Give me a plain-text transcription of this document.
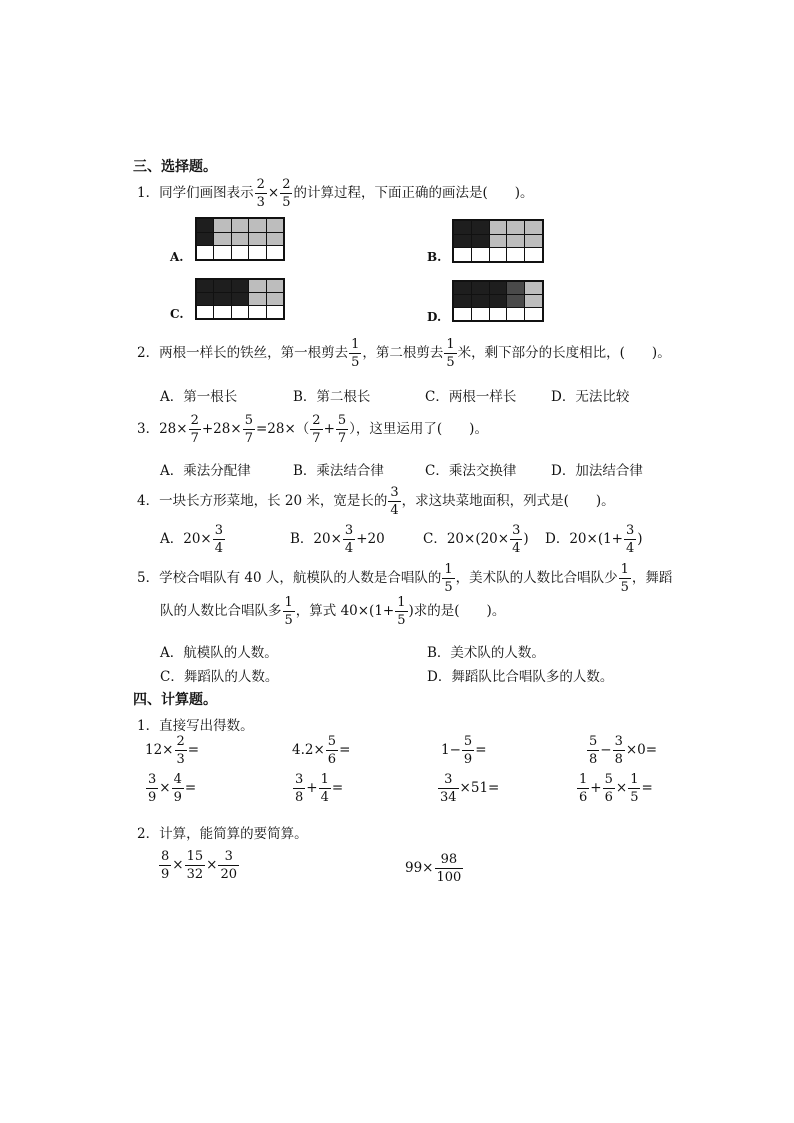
三、选择题。
1．同学们画图表示 $\frac{2}{3} \times \frac{2}{5}$ 的计算过程，下面正确的画法是(　　)。
A.	B.
C.	D.
2．两根一样长的铁丝，第一根剪去 $\frac{1}{5}$ ，第二根剪去 $\frac{1}{5}$ 米，剩下部分的长度相比，(　　)。
A．第一根长	B．第二根长	C．两根一样长	D．无法比较
3．$28\times \frac{2}{7} +28\times \frac{5}{7} =28\times( \frac{2}{7} + \frac{5}{7}$ ），这里运用了(　　)。
A．乘法分配律	B．乘法结合律	C．乘法交换律	D．加法结合律
4．一块长方形菜地，长 20 米，宽是长的 $\frac{3}{4}$ ，求这块菜地面积，列式是(　　)。
A．$20\times \frac{3}{4}$	B．$20\times \frac{3}{4} +20$	C．$20\times(20\times \frac{3}{4}$ ) D．$20\times(1+ \frac{3}{4}$ )
5．学校合唱队有 40 人，航模队的人数是合唱队的 $\frac{1}{5}$ ，美术队的人数比合唱队少 $\frac{1}{5}$ ，舞蹈
队的人数比合唱队多 $\frac{1}{5}$ ，算式 $40\times(1+ \frac{1}{5}$ )求的是(　　)。
A．航模队的人数。	B．美术队的人数。
C．舞蹈队的人数。	D．舞蹈队比合唱队多的人数。
四、计算题。
1．直接写出得数。
$12\times \frac{2}{3}$ =	$4.2\times \frac{5}{6}$ =	$1- \frac{5}{9}$ =	$\frac{5}{8} - \frac{3}{8} \times 0=$
$\frac{3}{9} \times \frac{4}{9}$ =	$\frac{3}{8} + \frac{1}{4}$ =	$\frac{3}{34} \times 51=$	$\frac{1}{6} + \frac{5}{6} \times \frac{1}{5}$ =
2．计算，能简算的要简算。
$\frac{8}{9} \times \frac{15}{32} \times \frac{3}{20}$	$99\times \frac{98}{100}$
